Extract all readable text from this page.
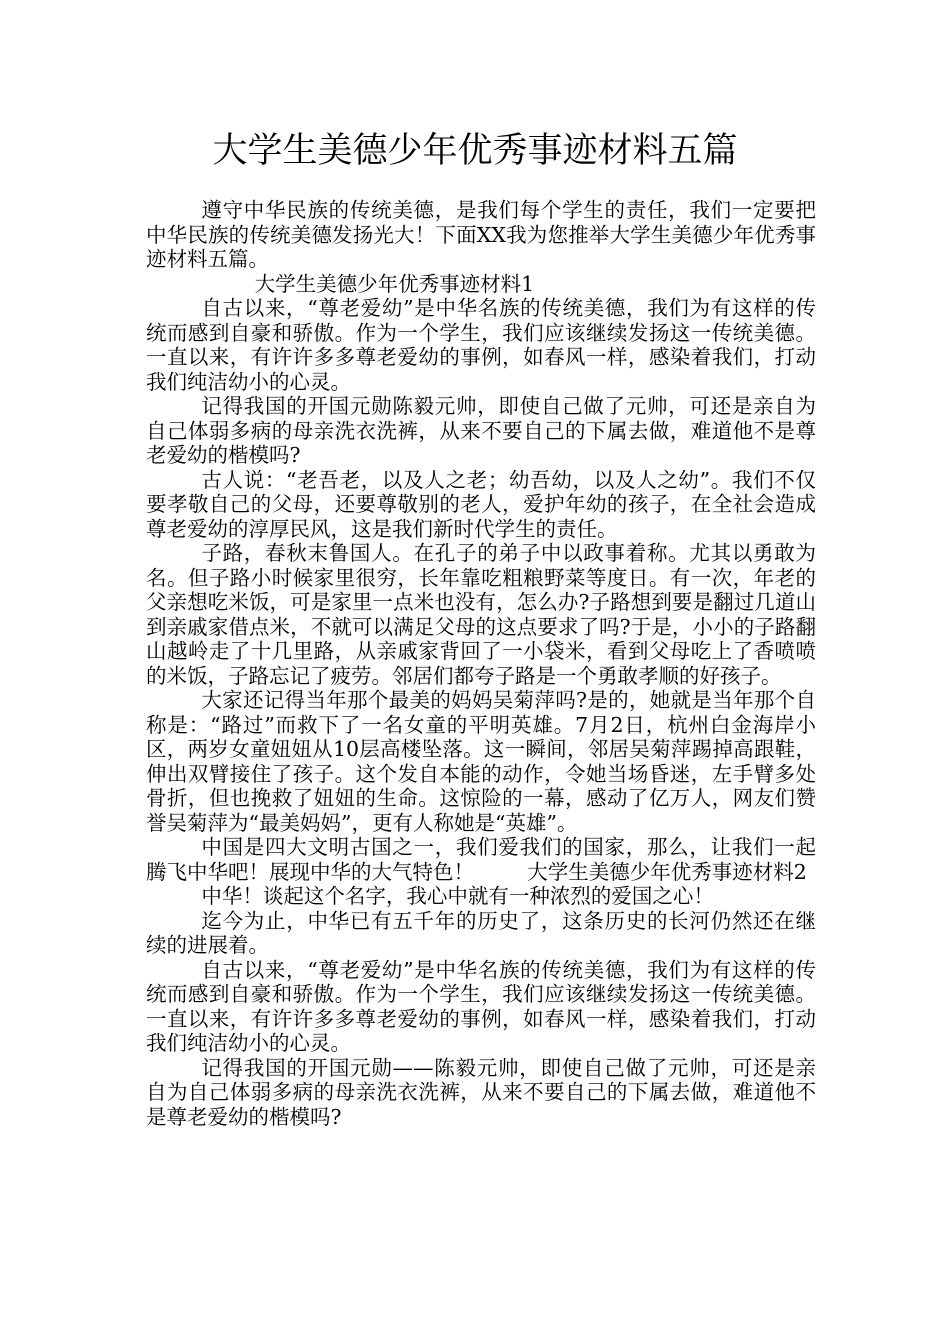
大学生美德少年优秀事迹材料五篇

遵守中华民族的传统美德，是我们每个学生的责任，我们一定要把中华民族的传统美德发扬光大！下面XX我为您推举大学生美德少年优秀事迹材料五篇。

大学生美德少年优秀事迹材料1

自古以来，“尊老爱幼”是中华名族的传统美德，我们为有这样的传统而感到自豪和骄傲。作为一个学生，我们应该继续发扬这一传统美德。一直以来，有许许多多尊老爱幼的事例，如春风一样，感染着我们，打动我们纯洁幼小的心灵。

记得我国的开国元勋陈毅元帅，即使自己做了元帅，可还是亲自为自己体弱多病的母亲洗衣洗裤，从来不要自己的下属去做，难道他不是尊老爱幼的楷模吗?

古人说：“老吾老，以及人之老；幼吾幼，以及人之幼”。我们不仅要孝敬自己的父母，还要尊敬别的老人，爱护年幼的孩子，在全社会造成尊老爱幼的淳厚民风，这是我们新时代学生的责任。

子路，春秋末鲁国人。在孔子的弟子中以政事着称。尤其以勇敢为名。但子路小时候家里很穷，长年靠吃粗粮野菜等度日。有一次，年老的父亲想吃米饭，可是家里一点米也没有，怎么办?子路想到要是翻过几道山到亲戚家借点米，不就可以满足父母的这点要求了吗?于是，小小的子路翻山越岭走了十几里路，从亲戚家背回了一小袋米，看到父母吃上了香喷喷的米饭，子路忘记了疲劳。邻居们都夸子路是一个勇敢孝顺的好孩子。

大家还记得当年那个最美的妈妈吴菊萍吗?是的，她就是当年那个自称是：“路过”而救下了一名女童的平明英雄。7月2日，杭州白金海岸小区，两岁女童妞妞从10层高楼坠落。这一瞬间，邻居吴菊萍踢掉高跟鞋，伸出双臂接住了孩子。这个发自本能的动作，令她当场昏迷，左手臂多处骨折，但也挽救了妞妞的生命。这惊险的一幕，感动了亿万人，网友们赞誉吴菊萍为“最美妈妈”，更有人称她是“英雄”。

中国是四大文明古国之一，我们爱我们的国家，那么，让我们一起腾飞中华吧！展现中华的大气特色！	大学生美德少年优秀事迹材料2

中华！谈起这个名字，我心中就有一种浓烈的爱国之心！

迄今为止，中华已有五千年的历史了，这条历史的长河仍然还在继续的进展着。

自古以来，“尊老爱幼”是中华名族的传统美德，我们为有这样的传统而感到自豪和骄傲。作为一个学生，我们应该继续发扬这一传统美德。一直以来，有许许多多尊老爱幼的事例，如春风一样，感染着我们，打动我们纯洁幼小的心灵。

记得我国的开国元勋——陈毅元帅，即使自己做了元帅，可还是亲自为自己体弱多病的母亲洗衣洗裤，从来不要自己的下属去做，难道他不是尊老爱幼的楷模吗?
